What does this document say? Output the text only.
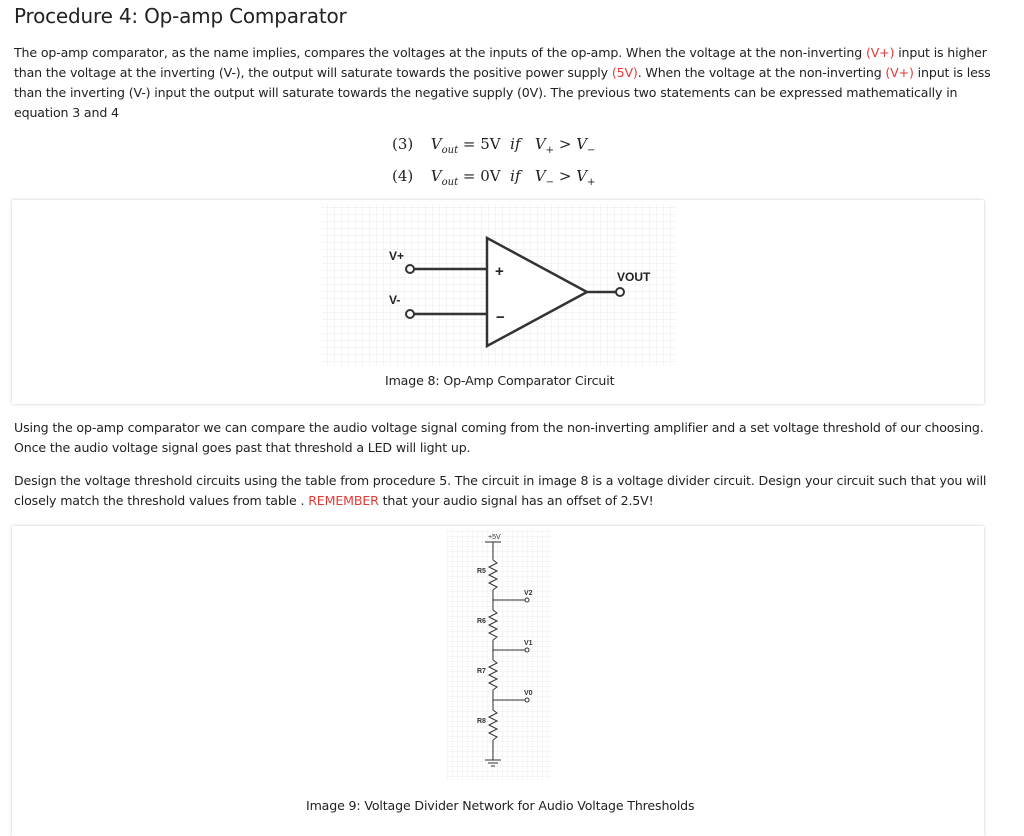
Procedure 4: Op-amp Comparator

The op-amp comparator, as the name implies, compares the voltages at the inputs of the op-amp. When the voltage at the non-inverting (V+) input is higher than the voltage at the inverting (V-), the output will saturate towards the positive power supply (5V). When the voltage at the non-inverting (V+) input is less than the inverting (V-) input the output will saturate towards the negative supply (0V). The previous two statements can be expressed mathematically in equation 3 and 4

(3) $V_{out} = 5V$ if $V_+ > V_-$
(4) $V_{out} = 0V$ if $V_- > V_+$
V+
V-
+
−
VOUT
Image 8: Op-Amp Comparator Circuit

Using the op-amp comparator we can compare the audio voltage signal coming from the non-inverting amplifier and a set voltage threshold of our choosing. Once the audio voltage signal goes past that threshold a LED will light up.

Design the voltage threshold circuits using the table from procedure 5. The circuit in image 8 is a voltage divider circuit. Design your circuit such that you will closely match the threshold values from table . REMEMBER that your audio signal has an offset of 2.5V!

+5V
R5
R6
R7
R8
V2
V1
V0
Image 9: Voltage Divider Network for Audio Voltage Thresholds
